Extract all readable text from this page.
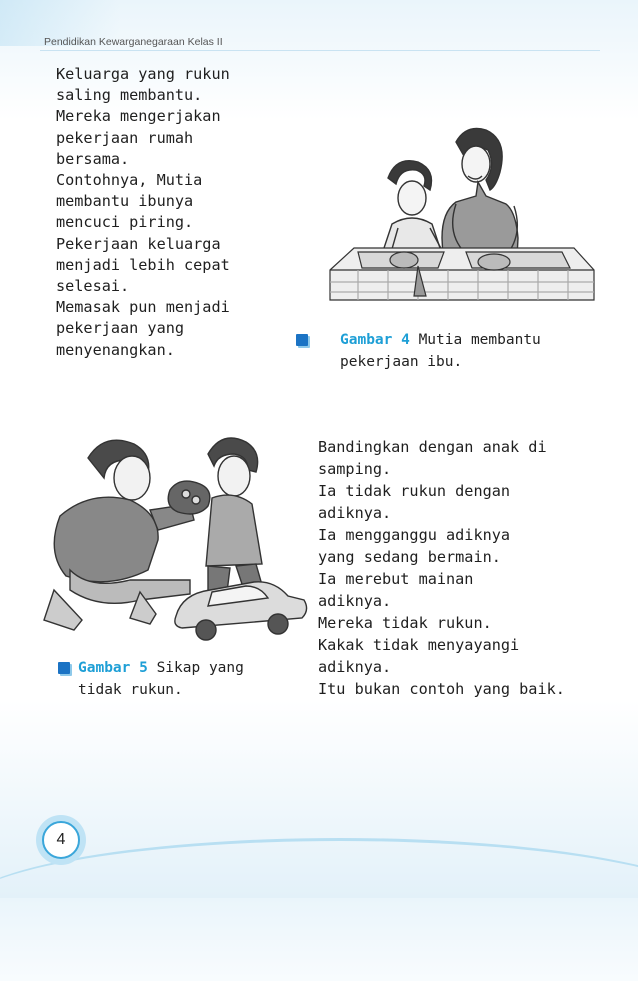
Pendidikan Kewarganegaraan Kelas II
Keluarga yang rukun
saling membantu.
Mereka mengerjakan
pekerjaan rumah
bersama.
Contohnya, Mutia
membantu ibunya
mencuci piring.
Pekerjaan keluarga
menjadi lebih cepat
selesai.
Memasak pun menjadi
pekerjaan yang
menyenangkan.
Gambar 4 Mutia membantu
pekerjaan ibu.
Gambar 5 Sikap yang
tidak rukun.
Bandingkan dengan anak di
samping.
Ia tidak rukun dengan
adiknya.
Ia mengganggu adiknya
yang sedang bermain.
Ia merebut mainan
adiknya.
Mereka tidak rukun.
Kakak tidak menyayangi
adiknya.
Itu bukan contoh yang baik.
4
